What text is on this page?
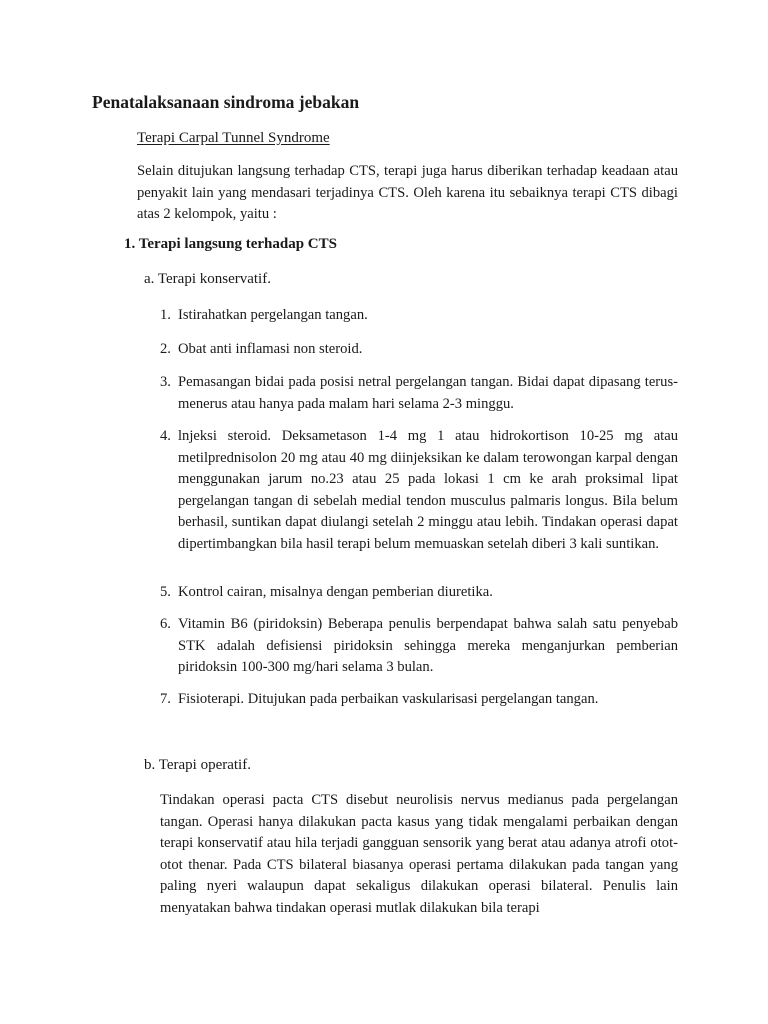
Penatalaksanaan sindroma jebakan
Terapi Carpal Tunnel Syndrome

Selain ditujukan langsung terhadap CTS, terapi juga harus diberikan terhadap keadaan atau penyakit lain yang mendasari terjadinya CTS. Oleh karena itu sebaiknya terapi CTS dibagi atas 2 kelompok, yaitu :

1. Terapi langsung terhadap CTS
a. Terapi konservatif.
1. Istirahatkan pergelangan tangan.
2. Obat anti inflamasi non steroid.
3. Pemasangan bidai pada posisi netral pergelangan tangan. Bidai dapat dipasang terus-menerus atau hanya pada malam hari selama 2-3 minggu.
4. lnjeksi steroid. Deksametason 1-4 mg 1 atau hidrokortison 10-25 mg atau metilprednisolon 20 mg atau 40 mg diinjeksikan ke dalam terowongan karpal dengan menggunakan jarum no.23 atau 25 pada lokasi 1 cm ke arah proksimal lipat pergelangan tangan di sebelah medial tendon musculus palmaris longus. Bila belum berhasil, suntikan dapat diulangi setelah 2 minggu atau lebih. Tindakan operasi dapat dipertimbangkan bila hasil terapi belum memuaskan setelah diberi 3 kali suntikan.
5. Kontrol cairan, misalnya dengan pemberian diuretika.
6. Vitamin B6 (piridoksin) Beberapa penulis berpendapat bahwa salah satu penyebab STK adalah defisiensi piridoksin sehingga mereka menganjurkan pemberian piridoksin 100-300 mg/hari selama 3 bulan.
7. Fisioterapi. Ditujukan pada perbaikan vaskularisasi pergelangan tangan.
b. Terapi operatif.

Tindakan operasi pacta CTS disebut neurolisis nervus medianus pada pergelangan tangan. Operasi hanya dilakukan pacta kasus yang tidak mengalami perbaikan dengan terapi konservatif atau hila terjadi gangguan sensorik yang berat atau adanya atrofi otot-otot thenar. Pada CTS bilateral biasanya operasi pertama dilakukan pada tangan yang paling nyeri walaupun dapat sekaligus dilakukan operasi bilateral. Penulis lain menyatakan bahwa tindakan operasi mutlak dilakukan bila terapi
